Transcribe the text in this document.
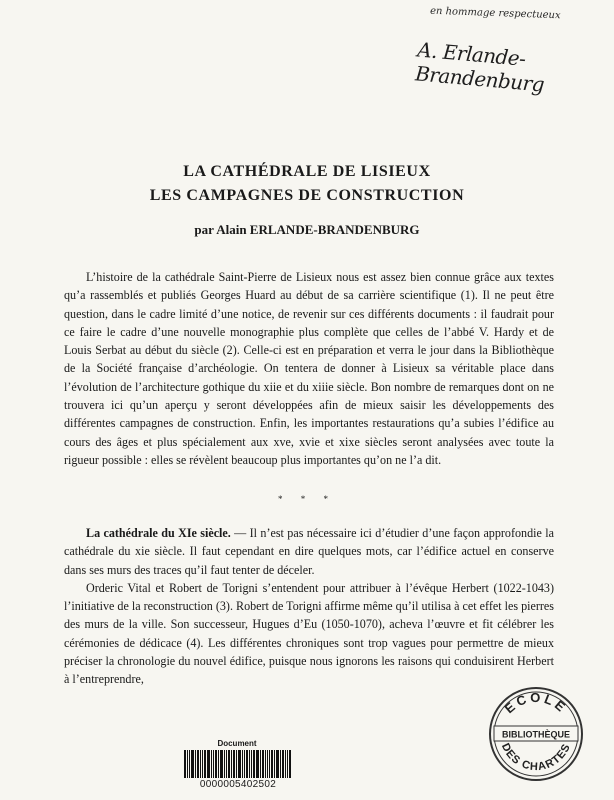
en hommage respectueux
A. Erlande-Brandenburg
LA CATHÉDRALE DE LISIEUX
LES CAMPAGNES DE CONSTRUCTION
par Alain ERLANDE-BRANDENBURG

L’histoire de la cathédrale Saint-Pierre de Lisieux nous est assez bien connue grâce aux textes qu’a rassemblés et publiés Georges Huard au début de sa carrière scientifique (1). Il ne peut être question, dans le cadre limité d’une notice, de revenir sur ces différents documents : il faudrait pour ce faire le cadre d’une nouvelle monographie plus complète que celles de l’abbé V. Hardy et de Louis Serbat au début du siècle (2). Celle-ci est en préparation et verra le jour dans la Bibliothèque de la Société française d’archéologie. On tentera de donner à Lisieux sa véritable place dans l’évolution de l’architecture gothique du xiie et du xiiie siècle. Bon nombre de remarques dont on ne trouvera ici qu’un aperçu y seront développées afin de mieux saisir les développements des différentes campagnes de construction. Enfin, les importantes restaurations qu’a subies l’édifice au cours des âges et plus spécialement aux xve, xvie et xixe siècles seront analysées avec toute la rigueur possible : elles se révèlent beaucoup plus importantes qu’on ne l’a dit.

* * *

La cathédrale du XIe siècle. — Il n’est pas nécessaire ici d’étudier d’une façon approfondie la cathédrale du xie siècle. Il faut cependant en dire quelques mots, car l’édifice actuel en conserve dans ses murs des traces qu’il faut tenter de déceler.

Orderic Vital et Robert de Torigni s’entendent pour attribuer à l’évêque Herbert (1022-1043) l’initiative de la reconstruction (3). Robert de Torigni affirme même qu’il utilisa à cet effet les pierres des murs de la ville. Son successeur, Hugues d’Eu (1050-1070), acheva l’œuvre et fit célébrer les cérémonies de dédicace (4). Les différentes chroniques sont trop vagues pour permettre de mieux préciser la chronologie du nouvel édifice, puisque nous ignorons les raisons qui conduisirent Herbert à l’entreprendre,

ECOLE
BIBLIOTHÈQUE
DES CHARTES
Document
0000005402502
